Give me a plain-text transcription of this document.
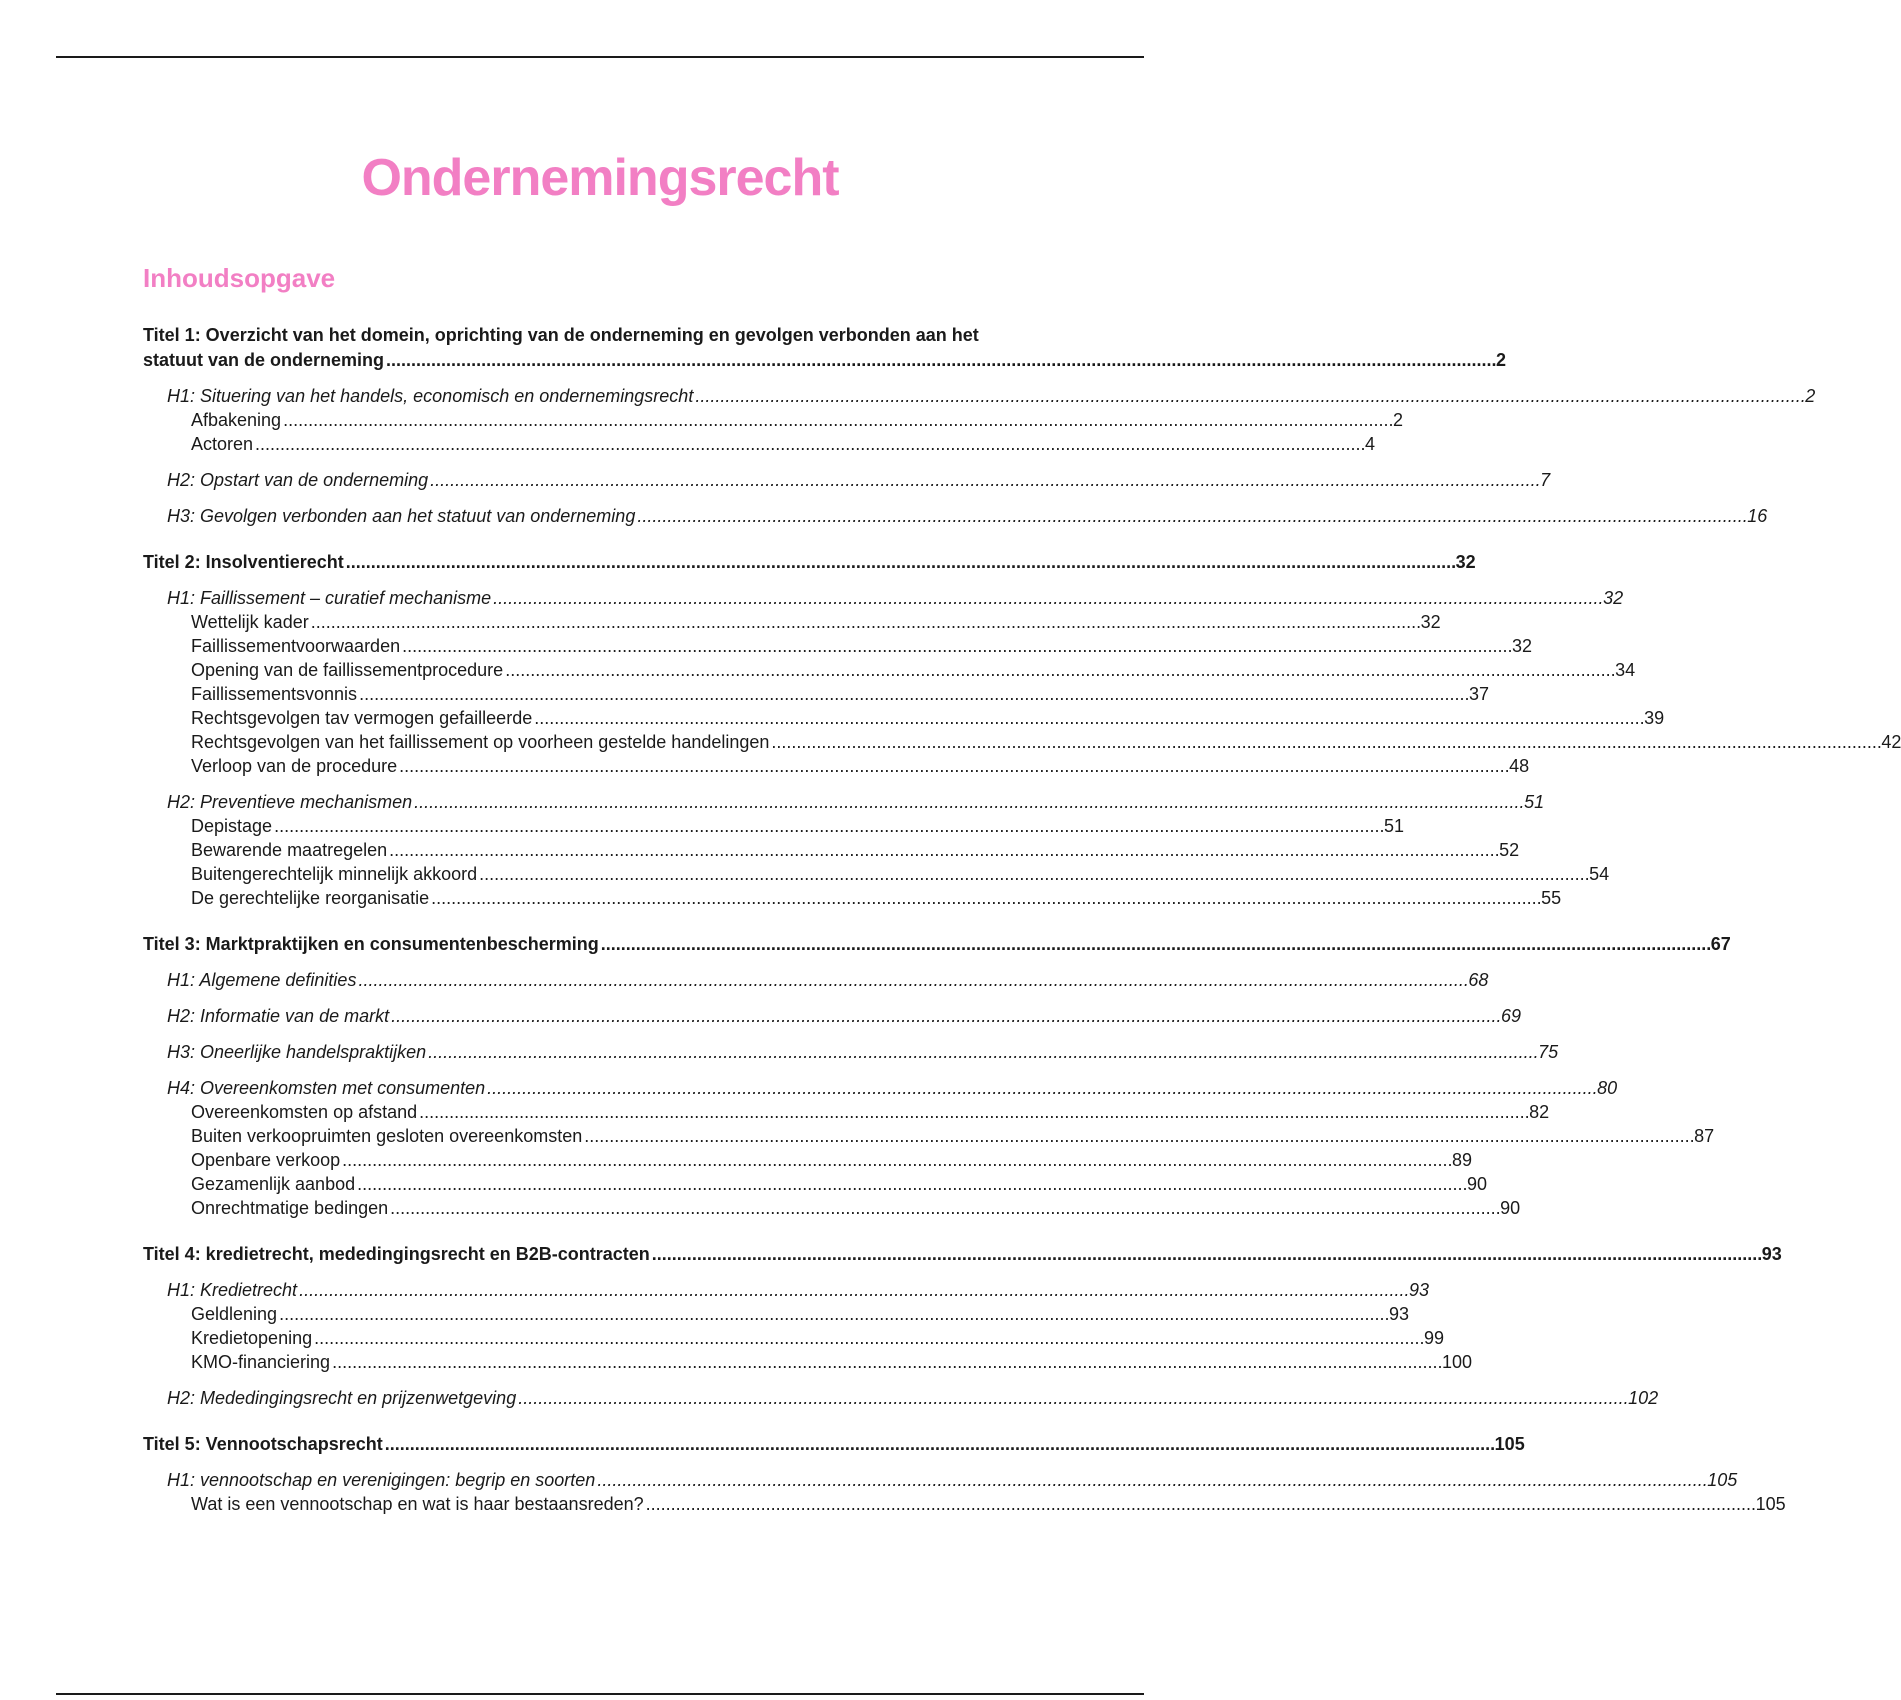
Ondernemingsrecht
Inhoudsopgave
Titel 1: Overzicht van het domein, oprichting van de onderneming en gevolgen verbonden aan het
statuut van de onderneming . . .	2
H1: Situering van het handels, economisch en ondernemingsrecht . . .	2
Afbakening . . .	2
Actoren . . .	4
H2: Opstart van de onderneming . . .	7
H3: Gevolgen verbonden aan het statuut van onderneming . . .	16
Titel 2: Insolventierecht . . .	32
H1: Faillissement – curatief mechanisme . . .	32
Wettelijk kader . . .	32
Faillissementvoorwaarden . . .	32
Opening van de faillissementprocedure . . .	34
Faillissementsvonnis . . .	37
Rechtsgevolgen tav vermogen gefailleerde . . .	39
Rechtsgevolgen van het faillissement op voorheen gestelde handelingen . . .	42
Verloop van de procedure . . .	48
H2: Preventieve mechanismen . . .	51
Depistage . . .	51
Bewarende maatregelen . . .	52
Buitengerechtelijk minnelijk akkoord . . .	54
De gerechtelijke reorganisatie . . .	55
Titel 3: Marktpraktijken en consumentenbescherming . . .	67
H1: Algemene definities . . .	68
H2: Informatie van de markt . . .	69
H3: Oneerlijke handelspraktijken . . .	75
H4: Overeenkomsten met consumenten . . .	80
Overeenkomsten op afstand . . .	82
Buiten verkoopruimten gesloten overeenkomsten . . .	87
Openbare verkoop . . .	89
Gezamenlijk aanbod . . .	90
Onrechtmatige bedingen . . .	90
Titel 4: kredietrecht, mededingingsrecht en B2B-contracten . . .	93
H1: Kredietrecht . . .	93
Geldlening . . .	93
Kredietopening . . .	99
KMO-financiering . . .	100
H2: Mededingingsrecht en prijzenwetgeving . . .	102
Titel 5: Vennootschapsrecht . . .	105
H1: vennootschap en verenigingen: begrip en soorten . . .	105
Wat is een vennootschap en wat is haar bestaansreden? . . .	105
